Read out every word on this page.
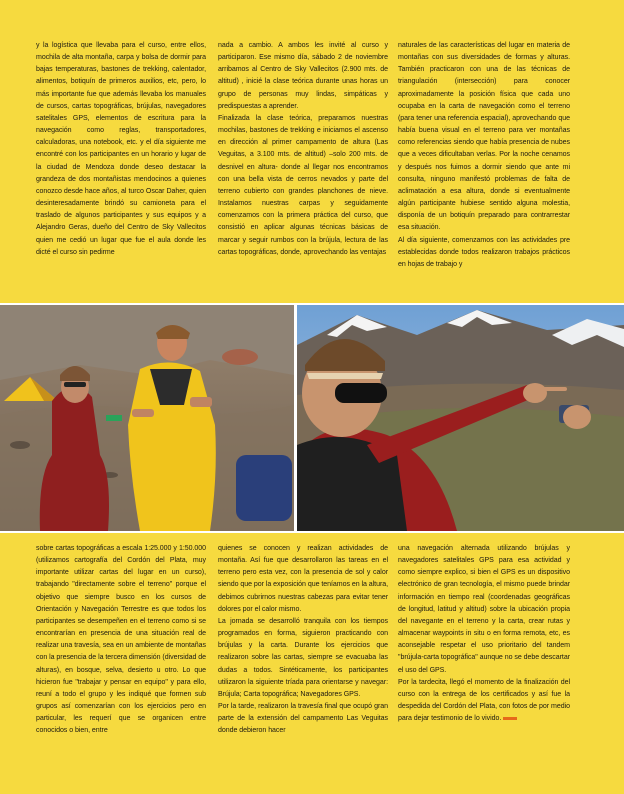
y la logística que llevaba para el curso, entre ellos, mochila de alta montaña, carpa y bolsa de dormir para bajas temperaturas, bastones de trekking, calentador, alimentos, botiquín de primeros auxilios, etc, pero, lo más importante fue que además llevaba los manuales de cursos, cartas topográficas, brújulas, navegadores satelitales GPS, elementos de escritura para la navegación como reglas, transportadores, calculadoras, una notebook, etc. y el día siguiente me encontré con los participantes en un horario y lugar de la ciudad de Mendoza donde deseo destacar la grandeza de dos montañistas mendocinos a quienes conozco desde hace años, al turco Oscar Daher, quien desinteresadamente brindó su camioneta para el traslado de algunos participantes y sus equipos y a Alejandro Geras, dueño del Centro de Sky Vallecitos quien me cedió un lugar que fue el aula donde les dicté el curso sin pedirme

nada a cambio. A ambos les invité al curso y participaron. Ese mismo día, sábado 2 de noviembre arribamos al Centro de Sky Vallecitos (2.900 mts. de altitud) , inicié la clase teórica durante unas horas un grupo de personas muy lindas, simpáticas y predispuestas a aprender.

Finalizada la clase teórica, preparamos nuestras mochilas, bastones de trekking e iniciamos el ascenso en dirección al primer campamento de altura (Las Veguitas, a 3.100 mts. de altitud) –solo 200 mts. de desnivel en altura- donde al llegar nos encontramos con una bella vista de cerros nevados y parte del terreno cubierto con grandes planchones de nieve. Instalamos nuestras carpas y seguidamente comenzamos con la primera práctica del curso, que consistió en aplicar algunas técnicas básicas de marcar y seguir rumbos con la brújula, lectura de las cartas topográficas, donde, aprovechando las ventajas

naturales de las características del lugar en materia de montañas con sus diversidades de formas y alturas. También practicaron con una de las técnicas de triangulación (intersección) para conocer aproximadamente la posición física que cada uno ocupaba en la carta de navegación como el terreno (para tener una referencia espacial), aprovechando que había buena visual en el terreno para ver montañas como referencias siendo que había presencia de nubes que a veces dificultaban verlas. Por la noche cenamos y después nos fuimos a dormir siendo que ante mi consulta, ninguno manifestó problemas de falta de aclimatación a esa altura, donde si eventualmente algún participante hubiese sentido alguna molestia, disponía de un botiquín preparado para contrarrestar esa situación.

Al día siguiente, comenzamos con las actividades pre establecidas donde todos realizaron trabajos prácticos en hojas de trabajo y

sobre cartas topográficas a escala 1:25.000 y 1:50.000 (utilizamos cartografía del Cordón del Plata, muy importante utilizar cartas del lugar en un curso), trabajando "directamente sobre el terreno" porque el objetivo que siempre busco en los cursos de Orientación y Navegación Terrestre es que todos los participantes se desempeñen en el terreno como si se encontrarían en presencia de una situación real de realizar una travesía, sea en un ambiente de montañas con la presencia de la tercera dimensión (diversidad de alturas), en bosque, selva, desierto u otro. Lo que hicieron fue "trabajar y pensar en equipo" y para ello, reuní a todo el grupo y les indiqué que formen sub grupos así comenzarían con los ejercicios pero en particular, les requerí que se organicen entre conocidos o bien, entre

quienes se conocen y realizan actividades de montaña. Así fue que desarrollaron las tareas en el terreno pero esta vez, con la presencia de sol y calor siendo que por la exposición que teníamos en la altura, debimos cubrirnos nuestras cabezas para evitar tener dolores por el calor mismo.

La jornada se desarrolló tranquila con los tiempos programados en forma, siguieron practicando con brújulas y la carta. Durante los ejercicios que realizaron sobre las cartas, siempre se evacuaba las dudas a todos. Sintéticamente, los participantes utilizaron la siguiente tríada para orientarse y navegar: Brújula; Carta topográfica; Navegadores GPS.

Por la tarde, realizaron la travesía final que ocupó gran parte de la extensión del campamento Las Veguitas donde debieron hacer

una navegación alternada utilizando brújulas y navegadores satelitales GPS para esa actividad y como siempre explico, si bien el GPS es un dispositivo electrónico de gran tecnología, el mismo puede brindar información en tiempo real (coordenadas geográficas de longitud, latitud y altitud) sobre la ubicación propia del navegante en el terreno y la carta, crear rutas y almacenar waypoints in situ o en forma remota, etc, es aconsejable respetar el uso prioritario del tandem "brújula-carta topográfica" aunque no se debe descartar el uso del GPS.

Por la tardecita, llegó el momento de la finalización del curso con la entrega de los certificados y así fue la despedida del Cordón del Plata, con fotos de por medio para dejar testimonio de lo vivido.
